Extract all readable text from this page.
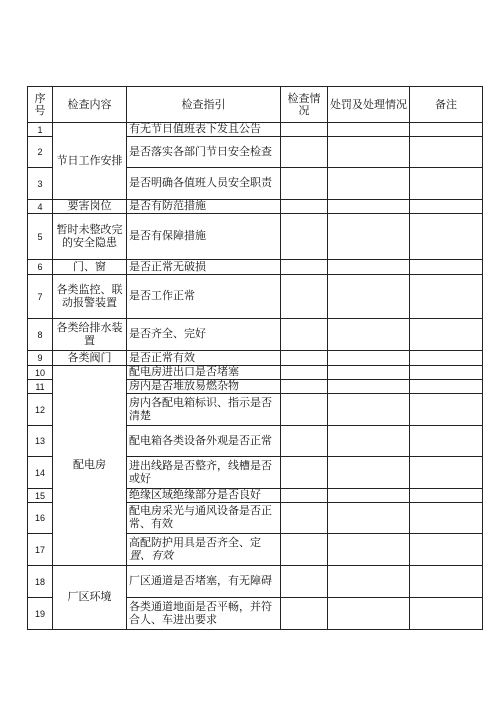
序号	检查内容	检查指引	检查情况	处罚及处理情况	备注
1	节日工作安排	有无节日值班表下发且公告			
2		是否落实各部门节日安全检查			
3		是否明确各值班人员安全职责			
4	要害岗位	是否有防范措施			
5	暂时未整改完的安全隐患	是否有保障措施			
6	门、窗	是否正常无破损			
7	各类监控、联动报警装置	是否工作正常			
8	各类给排水装置	是否齐全、完好			
9	各类阀门	是否正常有效			
10	配电房	配电房进出口是否堵塞			
11		房内是否堆放易燃杂物			
12		房内各配电箱标识、指示是否清楚			
13		配电箱各类设备外观是否正常			
14		进出线路是否整齐，线槽是否或好			
15		绝缘区域绝缘部分是否良好			
16		配电房采光与通风设备是否正常、有效			
17		高配防护用具是否齐全、定置、有效			
18	厂区环境	厂区通道是否堵塞，有无障碍			
19		各类通道地面是否平畅，并符合人、车进出要求			
